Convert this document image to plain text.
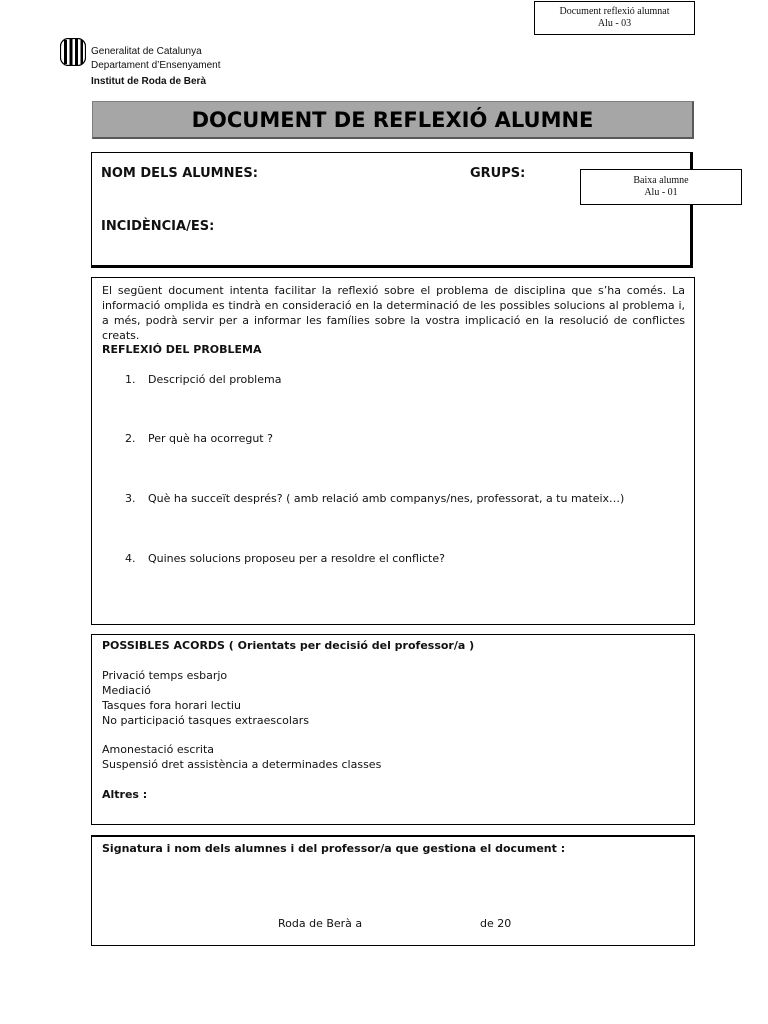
Document reflexió alumnat
Alu - 03
Generalitat de Catalunya
Departament d’Ensenyament
Institut de Roda de Berà
DOCUMENT DE REFLEXIÓ ALUMNE
NOM DELS ALUMNES:	GRUPS:
INCIDÈNCIA/ES:
Baixa alumne
Alu - 01
El següent document intenta facilitar la reflexió sobre el problema de disciplina que s’ha comés. La informació omplida es tindrà en consideració en la determinació de les possibles solucions al problema i, a més, podrà servir per a informar les famílies sobre la vostra implicació en la resolució de conflictes creats.
REFLEXIÓ DEL PROBLEMA
1. Descripció del problema
2. Per què ha ocorregut ?
3. Què ha succeït després? ( amb relació amb companys/nes, professorat, a tu mateix…)
4. Quines solucions proposeu per a resoldre el conflicte?
POSSIBLES ACORDS ( Orientats per decisió del professor/a )
Privació temps esbarjo
Mediació
Tasques fora horari lectiu
No participació tasques extraescolars
Amonestació escrita
Suspensió dret assistència a determinades classes
Altres :
Signatura i nom dels alumnes i del professor/a que gestiona el document :
Roda de Berà a	de 20
